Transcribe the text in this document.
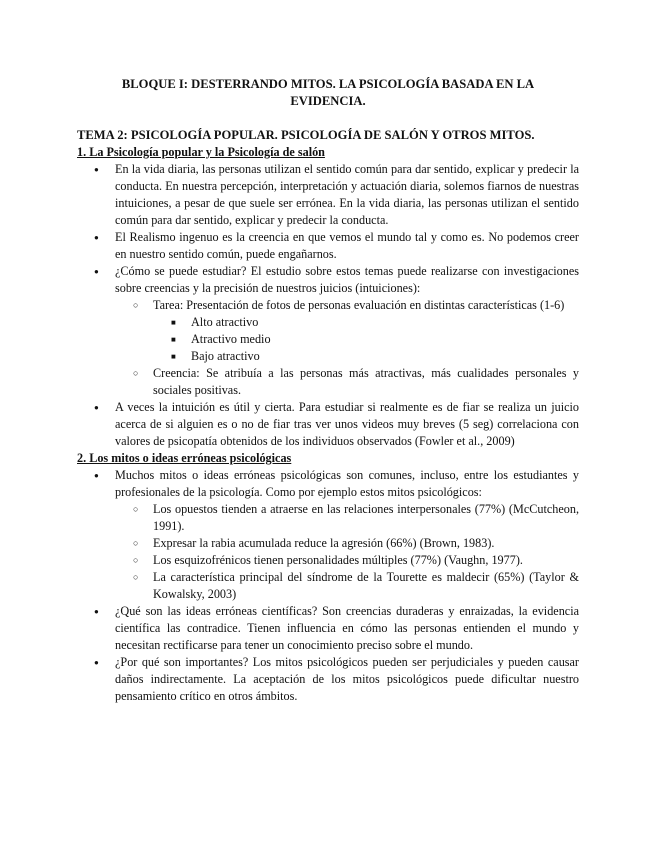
BLOQUE I: DESTERRANDO MITOS. LA PSICOLOGÍA BASADA EN LA EVIDENCIA.
TEMA 2: PSICOLOGÍA POPULAR. PSICOLOGÍA DE SALÓN Y OTROS MITOS.
1. La Psicología popular y la Psicología de salón
● En la vida diaria, las personas utilizan el sentido común para dar sentido, explicar y predecir la conducta. En nuestra percepción, interpretación y actuación diaria, solemos fiarnos de nuestras intuiciones, a pesar de que suele ser errónea. En la vida diaria, las personas utilizan el sentido común para dar sentido, explicar y predecir la conducta.
● El Realismo ingenuo es la creencia en que vemos el mundo tal y como es. No podemos creer en nuestro sentido común, puede engañarnos.
● ¿Cómo se puede estudiar? El estudio sobre estos temas puede realizarse con investigaciones sobre creencias y la precisión de nuestros juicios (intuiciones):
○ Tarea: Presentación de fotos de personas evaluación en distintas características (1-6)
■ Alto atractivo
■ Atractivo medio
■ Bajo atractivo
○ Creencia: Se atribuía a las personas más atractivas, más cualidades personales y sociales positivas.
● A veces la intuición es útil y cierta. Para estudiar si realmente es de fiar se realiza un juicio acerca de si alguien es o no de fiar tras ver unos videos muy breves (5 seg) correlaciona con valores de psicopatía obtenidos de los individuos observados (Fowler et al., 2009)
2. Los mitos o ideas erróneas psicológicas
● Muchos mitos o ideas erróneas psicológicas son comunes, incluso, entre los estudiantes y profesionales de la psicología. Como por ejemplo estos mitos psicológicos:
○ Los opuestos tienden a atraerse en las relaciones interpersonales (77%) (McCutcheon, 1991).
○ Expresar la rabia acumulada reduce la agresión (66%) (Brown, 1983).
○ Los esquizofrénicos tienen personalidades múltiples (77%) (Vaughn, 1977).
○ La característica principal del síndrome de la Tourette es maldecir (65%) (Taylor & Kowalsky, 2003)
● ¿Qué son las ideas erróneas científicas? Son creencias duraderas y enraizadas, la evidencia científica las contradice. Tienen influencia en cómo las personas entienden el mundo y necesitan rectificarse para tener un conocimiento preciso sobre el mundo.
● ¿Por qué son importantes? Los mitos psicológicos pueden ser perjudiciales y pueden causar daños indirectamente. La aceptación de los mitos psicológicos puede dificultar nuestro pensamiento crítico en otros ámbitos.
